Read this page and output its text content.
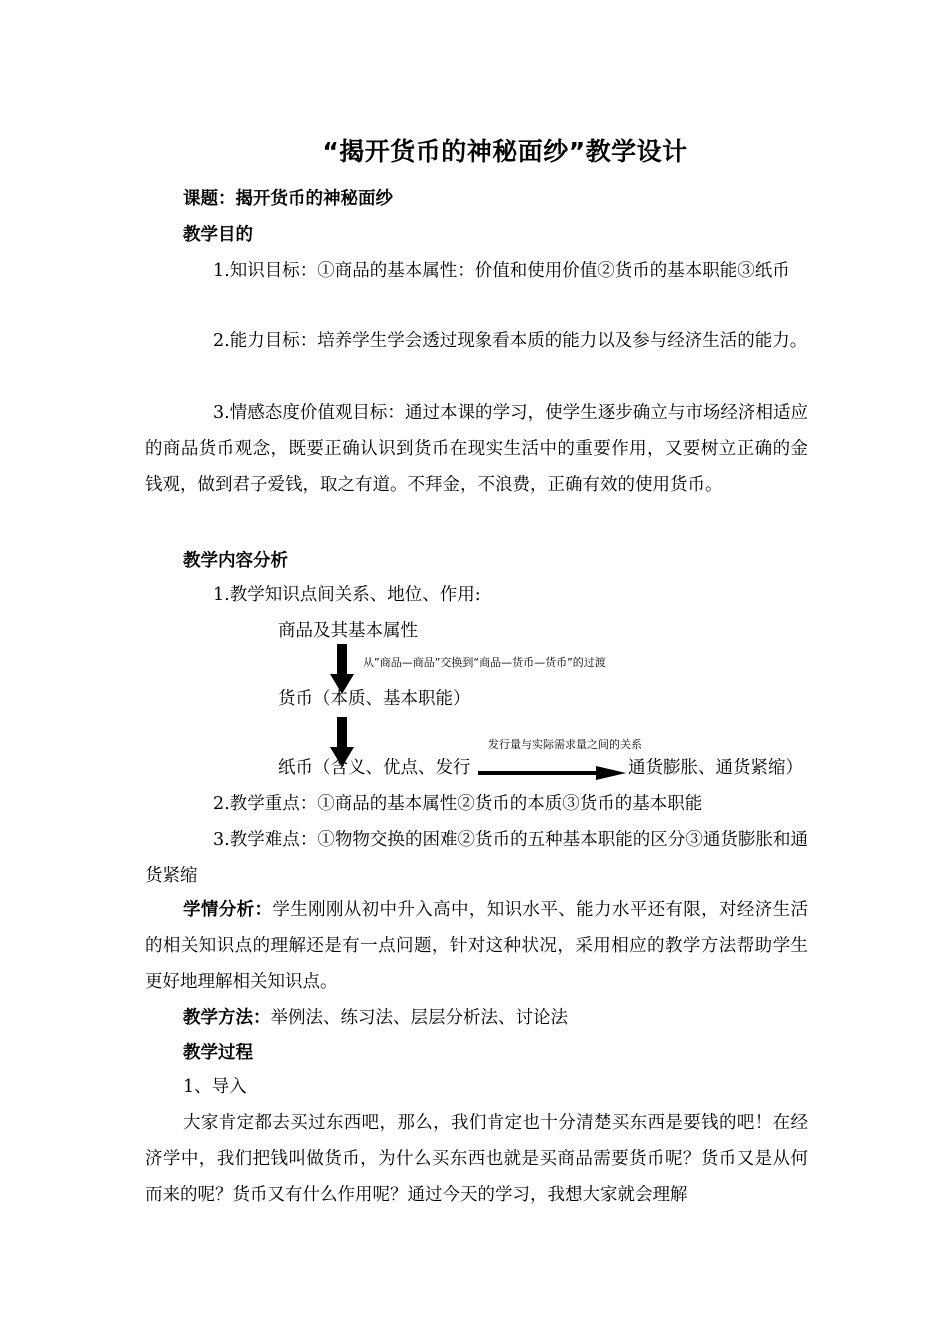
“揭开货币的神秘面纱”教学设计
课题：揭开货币的神秘面纱
教学目的
1.知识目标：①商品的基本属性：价值和使用价值②货币的基本职能③纸币
2.能力目标：培养学生学会透过现象看本质的能力以及参与经济生活的能力。
3.情感态度价值观目标：通过本课的学习，使学生逐步确立与市场经济相适应的商品货币观念，既要正确认识到货币在现实生活中的重要作用，又要树立正确的金钱观，做到君子爱钱，取之有道。不拜金，不浪费，正确有效的使用货币。
教学内容分析
1.教学知识点间关系、地位、作用:
商品及其基本属性
从”商品—商品”交换到“商品—货币—货币”的过渡
货币（本质、基本职能）
发行量与实际需求量之间的关系
纸币（含义、优点、发行	通货膨胀、通货紧缩）
2.教学重点：①商品的基本属性②货币的本质③货币的基本职能
3.教学难点：①物物交换的困难②货币的五种基本职能的区分③通货膨胀和通货紧缩
学情分析：学生刚刚从初中升入高中，知识水平、能力水平还有限，对经济生活的相关知识点的理解还是有一点问题，针对这种状况，采用相应的教学方法帮助学生更好地理解相关知识点。
教学方法：举例法、练习法、层层分析法、讨论法
教学过程
1、导入
大家肯定都去买过东西吧，那么，我们肯定也十分清楚买东西是要钱的吧！在经济学中，我们把钱叫做货币，为什么买东西也就是买商品需要货币呢？货币又是从何而来的呢？货币又有什么作用呢？通过今天的学习，我想大家就会理解
